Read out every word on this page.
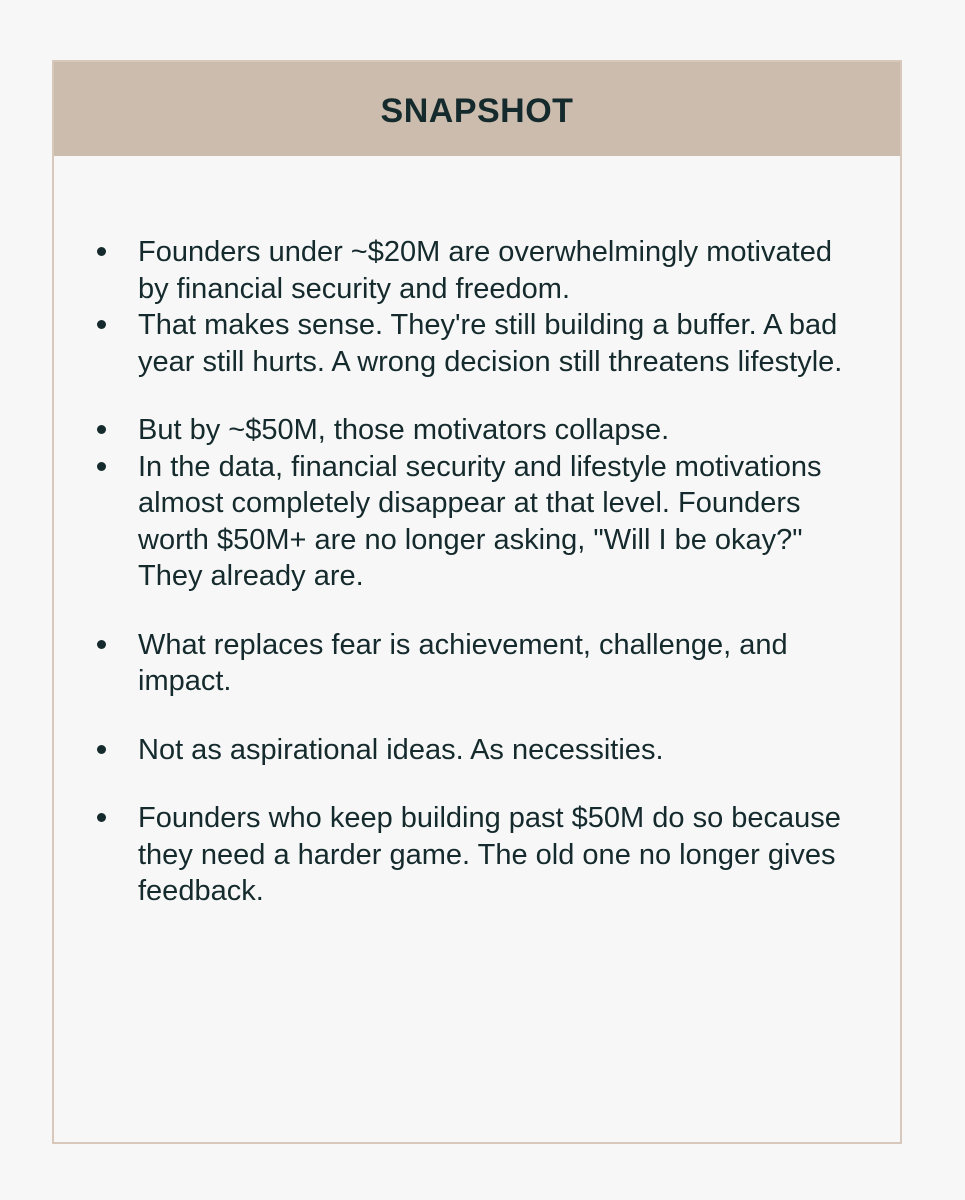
SNAPSHOT
Founders under ~$20M are overwhelmingly motivated by financial security and freedom.
That makes sense. They're still building a buffer. A bad year still hurts. A wrong decision still threatens lifestyle.
But by ~$50M, those motivators collapse.
In the data, financial security and lifestyle motivations almost completely disappear at that level. Founders worth $50M+ are no longer asking, "Will I be okay?" They already are.
What replaces fear is achievement, challenge, and impact.
Not as aspirational ideas. As necessities.
Founders who keep building past $50M do so because they need a harder game. The old one no longer gives feedback.
